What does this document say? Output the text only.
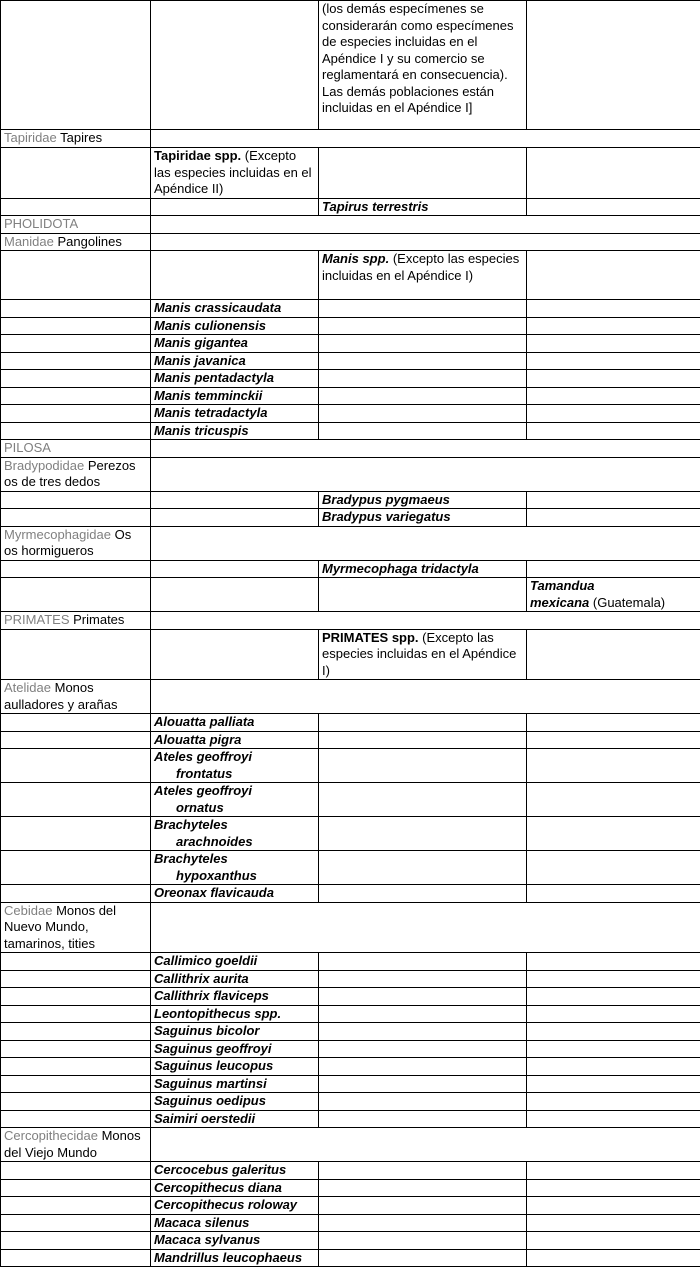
		(los demás especímenes se considerarán como especímenes de especies incluidas en el Apéndice I y su comercio se reglamentará en consecuencia). Las demás poblaciones están incluidas en el Apéndice I]	
Tapiridae Tapires			
	Tapiridae spp. (Excepto las especies incluidas en el Apéndice II)		
		Tapirus terrestris	
PHOLIDOTA			
Manidae Pangolines			
		Manis spp. (Excepto las especies incluidas en el Apéndice I)	
	Manis crassicaudata		
	Manis culionensis		
	Manis gigantea		
	Manis javanica		
	Manis pentadactyla		
	Manis temminckii		
	Manis tetradactyla		
	Manis tricuspis		
PILOSA			
Bradypodidae Perezos os de tres dedos			
		Bradypus pygmaeus	
		Bradypus variegatus	
Myrmecophagidae Os os hormigueros			
		Myrmecophaga tridactyla	
			Tamandua
mexicana (Guatemala)
PRIMATES Primates			
		PRIMATES spp. (Excepto las especies incluidas en el Apéndice I)	
Atelidae Monos aulladores y arañas			
	Alouatta palliata		
	Alouatta pigra		
	Ateles geoffroyi
frontatus		

	Ateles geoffroyi
ornatus		

	Brachyteles
arachnoides		

	Brachyteles
hypoxanthus		

	Oreonax flavicauda		
Cebidae Monos del Nuevo Mundo, tamarinos, tities			
	Callimico goeldii		
	Callithrix aurita		
	Callithrix flaviceps		
	Leontopithecus spp.		
	Saguinus bicolor		
	Saguinus geoffroyi		
	Saguinus leucopus		
	Saguinus martinsi		
	Saguinus oedipus		
	Saimiri oerstedii		
Cercopithecidae Monos del Viejo Mundo			
	Cercocebus galeritus		
	Cercopithecus diana		
	Cercopithecus roloway		
	Macaca silenus		
	Macaca sylvanus		
	Mandrillus leucophaeus		
